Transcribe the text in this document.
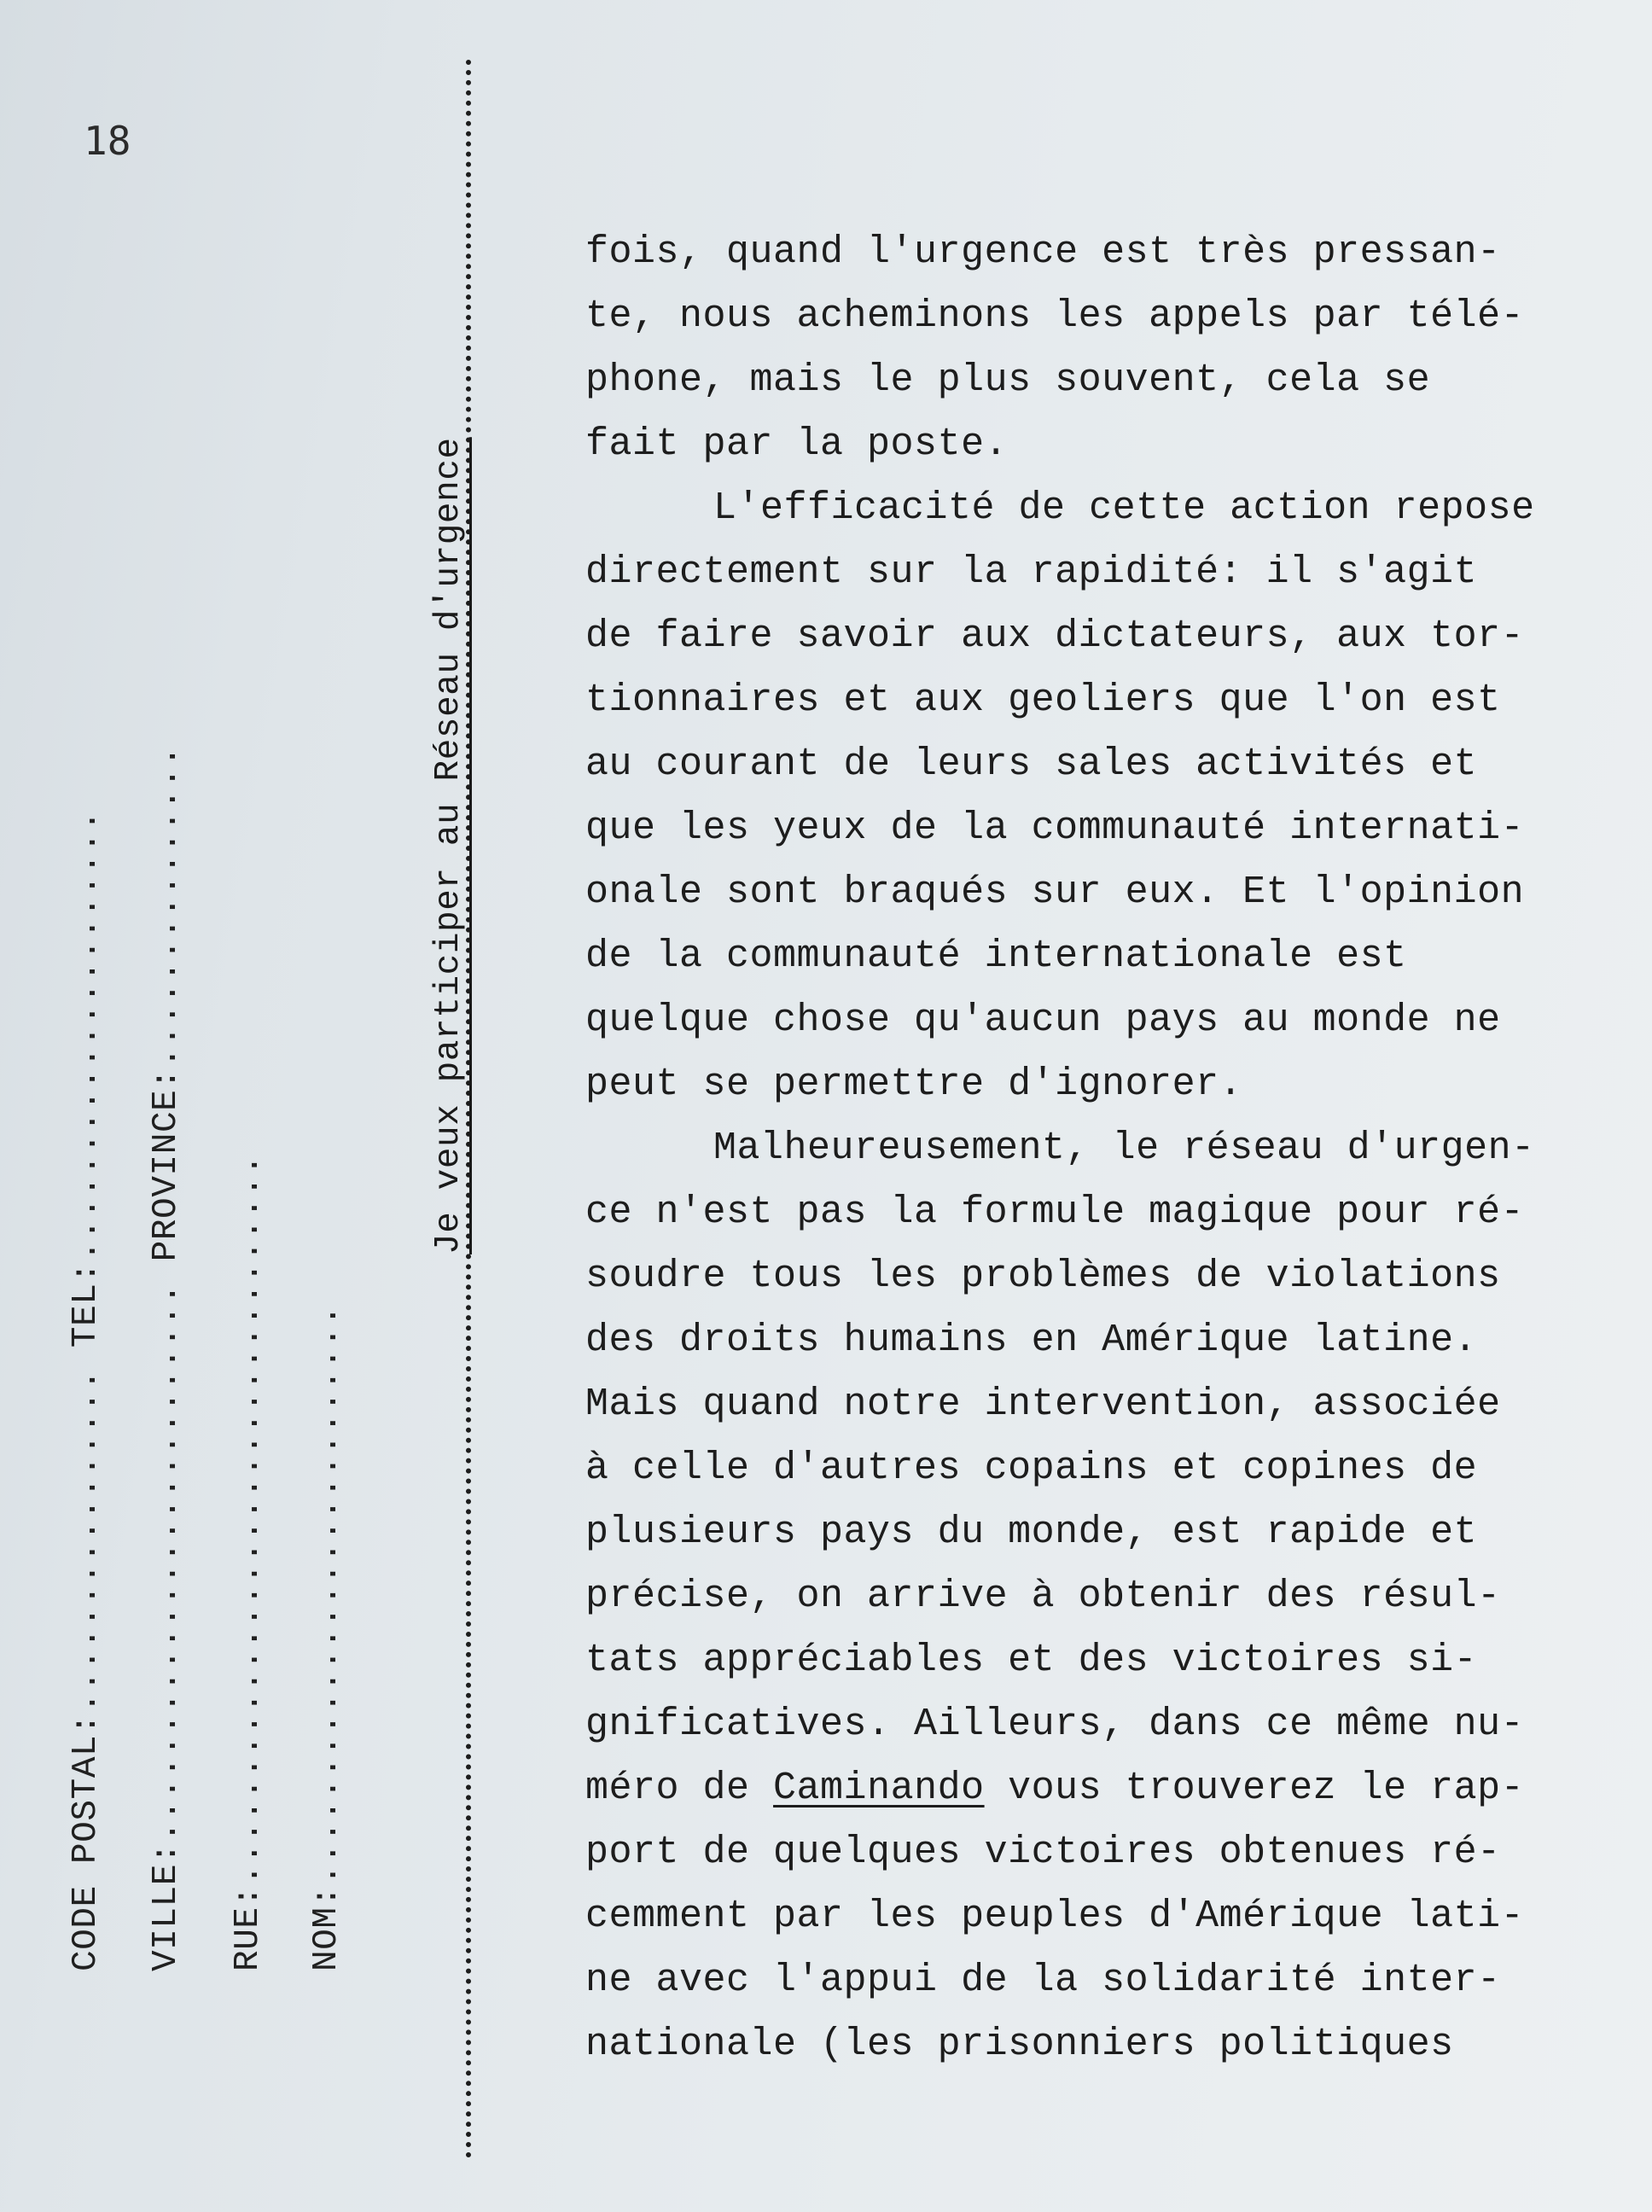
18
CODE POSTAL:................ TEL:..................... VILLE:.......................... PROVINCE:............... RUE:.................................. NOM:...........................
Je veux participer au Réseau d'urgence
fois, quand l'urgence est très pressan-
te, nous acheminons les appels par télé-
phone, mais le plus souvent, cela se
fait par la poste.
L'efficacité de cette action repose
directement sur la rapidité: il s'agit
de faire savoir aux dictateurs, aux tor-
tionnaires et aux geoliers que l'on est
au courant de leurs sales activités et
que les yeux de la communauté internati-
onale sont braqués sur eux. Et l'opinion
de la communauté internationale est
quelque chose qu'aucun pays au monde ne
peut se permettre d'ignorer.
Malheureusement, le réseau d'urgen-
ce n'est pas la formule magique pour ré-
soudre tous les problèmes de violations
des droits humains en Amérique latine.
Mais quand notre intervention, associée
à celle d'autres copains et copines de
plusieurs pays du monde, est rapide et
précise, on arrive à obtenir des résul-
tats appréciables et des victoires si-
gnificatives. Ailleurs, dans ce même nu-
méro de Caminando vous trouverez le rap-
port de quelques victoires obtenues ré-
cemment par les peuples d'Amérique lati-
ne avec l'appui de la solidarité inter-
nationale (les prisonniers politiques
